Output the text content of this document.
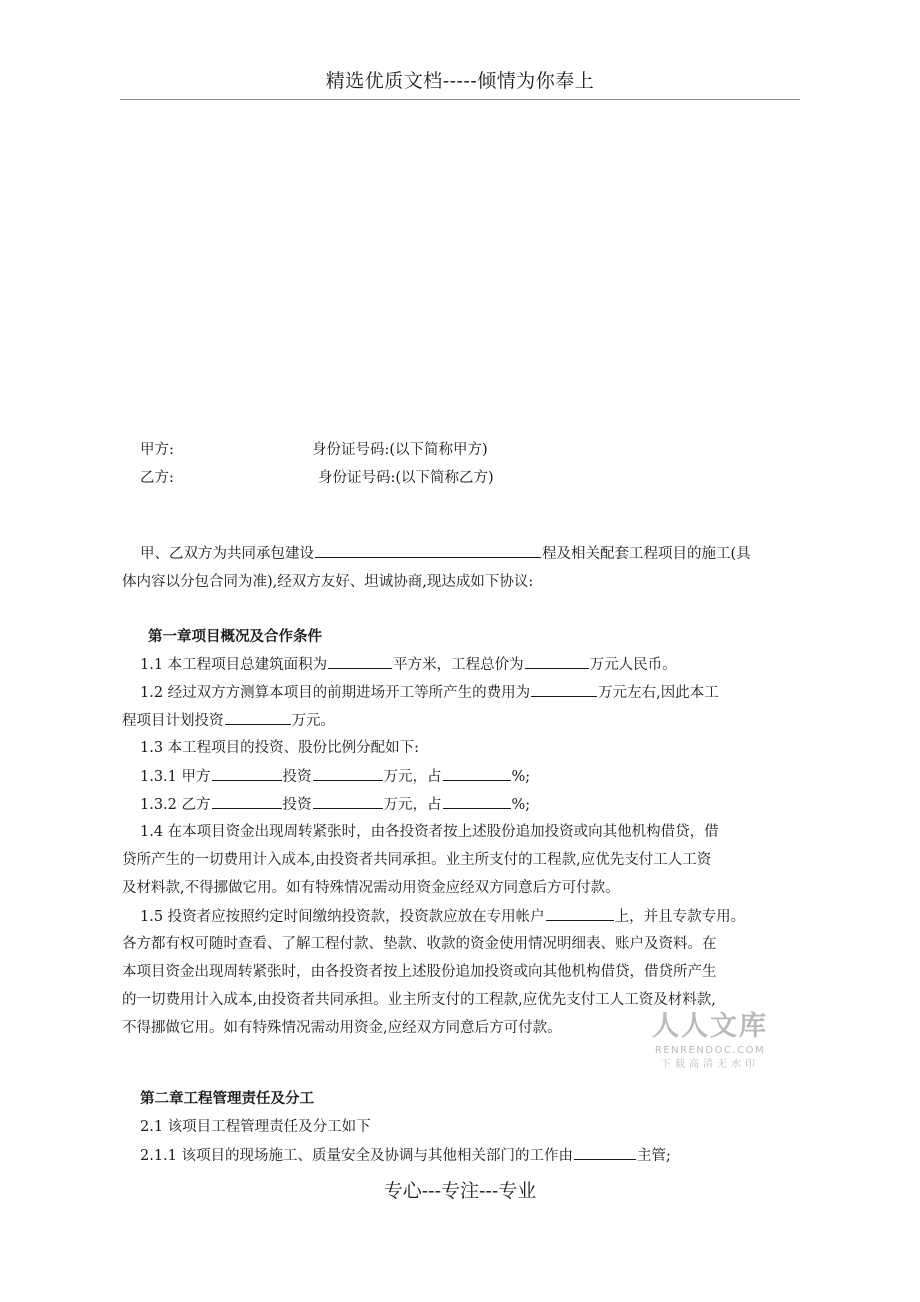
精选优质文档-----倾情为你奉上
甲方:	身份证号码:(以下简称甲方)
乙方:	身份证号码:(以下简称乙方)
甲、乙双方为共同承包建设	程及相关配套工程项目的施工(具
体内容以分包合同为准),经双方友好、坦诚协商,现达成如下协议:
第一章项目概况及合作条件
1.1 本工程项目总建筑面积为	平方米，工程总价为	万元人民币。
1.2 经过双方方测算本项目的前期进场开工等所产生的费用为	万元左右,因此本工
程项目计划投资	万元。
1.3 本工程项目的投资、股份比例分配如下:
1.3.1 甲方	投资	万元，占	%;
1.3.2 乙方	投资	万元，占	%;
1.4 在本项目资金出现周转紧张时，由各投资者按上述股份追加投资或向其他机构借贷，借
贷所产生的一切费用计入成本,由投资者共同承担。业主所支付的工程款,应优先支付工人工资
及材料款,不得挪做它用。如有特殊情况需动用资金应经双方同意后方可付款。
1.5 投资者应按照约定时间缴纳投资款，投资款应放在专用帐户	上，并且专款专用。
各方都有权可随时查看、了解工程付款、垫款、收款的资金使用情况明细表、账户及资料。在
本项目资金出现周转紧张时，由各投资者按上述股份追加投资或向其他机构借贷，借贷所产生
的一切费用计入成本,由投资者共同承担。业主所支付的工程款,应优先支付工人工资及材料款,
不得挪做它用。如有特殊情况需动用资金,应经双方同意后方可付款。
第二章工程管理责任及分工
2.1 该项目工程管理责任及分工如下
2.1.1 该项目的现场施工、质量安全及协调与其他相关部门的工作由	主管;
人人文库
RENRENDOC.COM
下载高清无水印
专心---专注---专业
